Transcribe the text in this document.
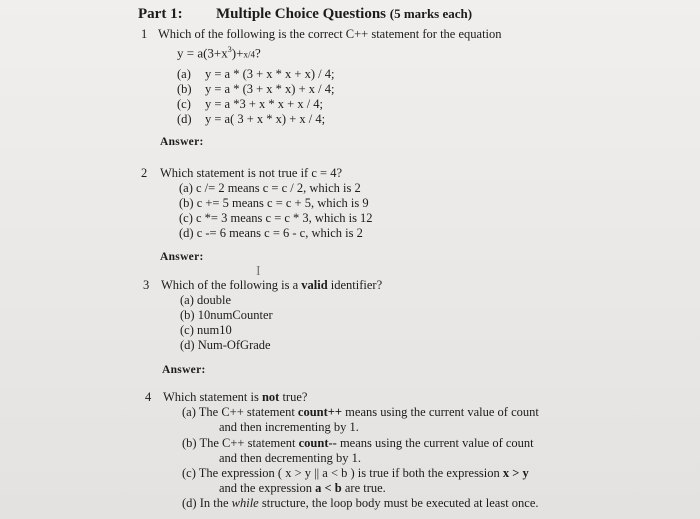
Part 1: Multiple Choice Questions (5 marks each)
1 Which of the following is the correct C++ statement for the equation
$y = a(3+x^3)+x/4$?
(a) y = a * (3 + x * x + x) / 4;
(b) y = a * (3 + x * x) + x / 4;
(c) y = a *3 + x * x + x / 4;
(d) y = a( 3 + x * x) + x / 4;
Answer:
2 Which statement is not true if c = 4?
(a) c /= 2 means c = c / 2, which is 2
(b) c += 5 means c = c + 5, which is 9
(c) c *= 3 means c = c * 3, which is 12
(d) c -= 6 means c = 6 - c, which is 2
Answer:
I
3 Which of the following is a valid identifier?
(a) double
(b) 10numCounter
(c) num10
(d) Num-OfGrade
Answer:
4 Which statement is not true?
(a) The C++ statement count++ means using the current value of count
and then incrementing by 1.
(b) The C++ statement count-- means using the current value of count
and then decrementing by 1.
(c) The expression ( x > y || a < b ) is true if both the expression x > y
and the expression a < b are true.
(d) In the while structure, the loop body must be executed at least once.
